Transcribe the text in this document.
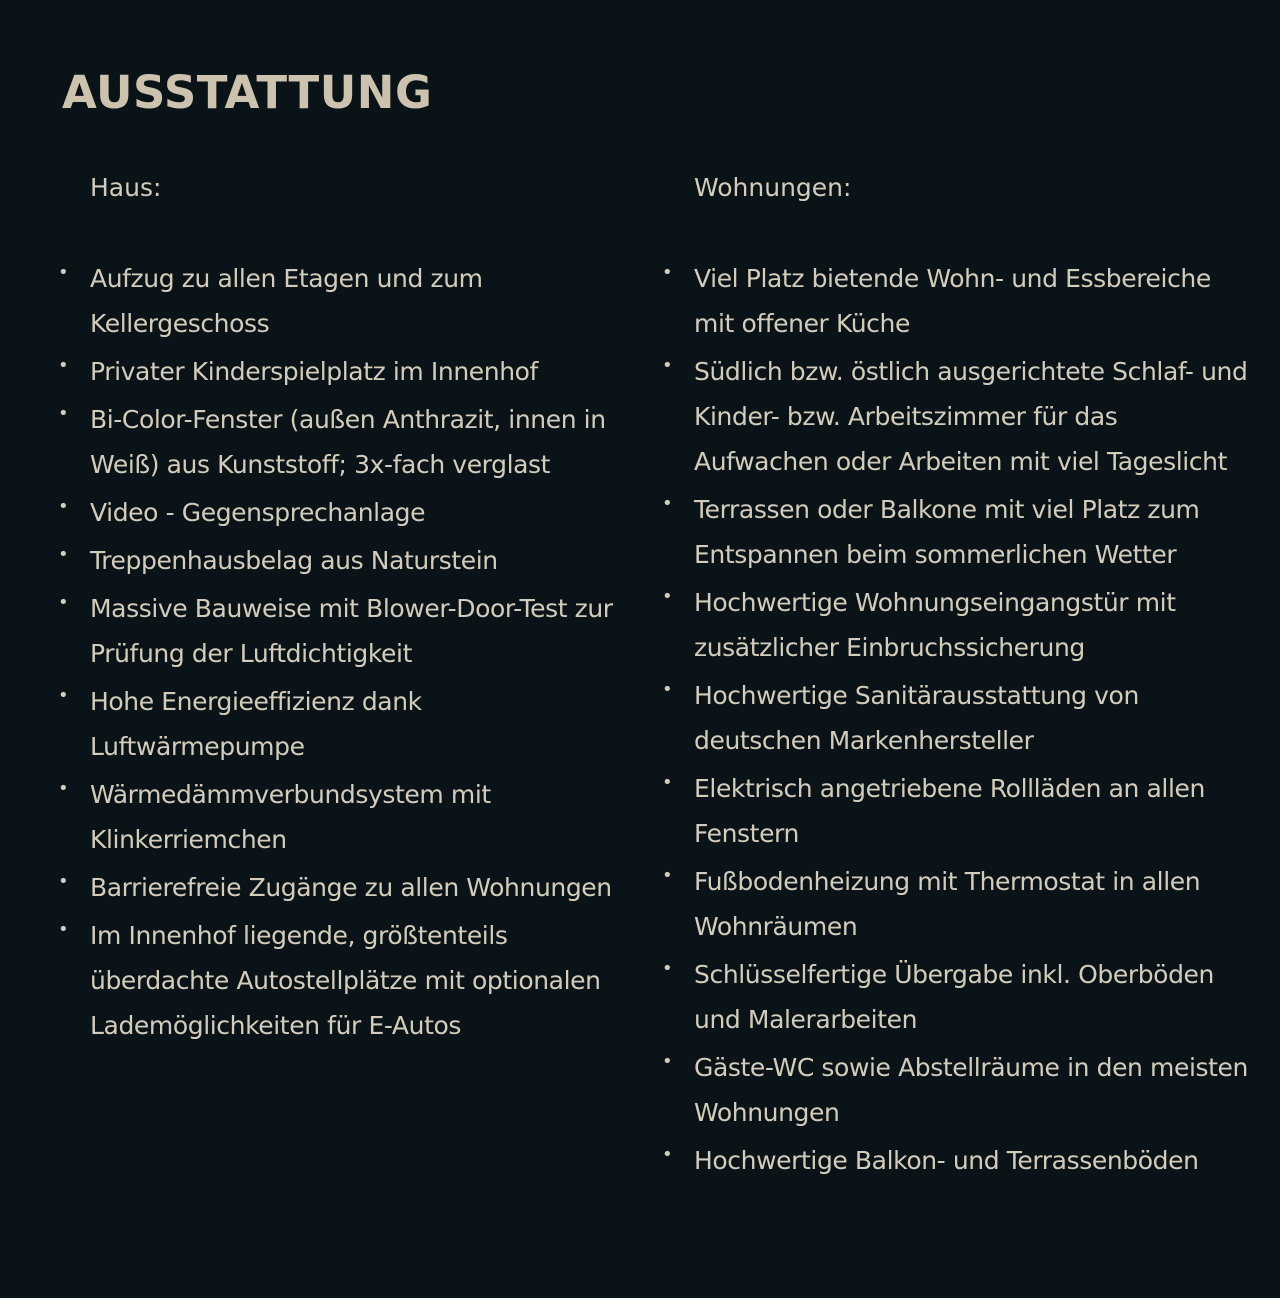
AUSSTATTUNG
Haus:
• Aufzug zu allen Etagen und zum Kellergeschoss
• Privater Kinderspielplatz im Innenhof
• Bi-Color-Fenster (außen Anthrazit, innen in Weiß) aus Kunststoff; 3x-fach verglast
• Video - Gegensprechanlage
• Treppenhausbelag aus Naturstein
• Massive Bauweise mit Blower-Door-Test zur Prüfung der Luftdichtigkeit
• Hohe Energieeffizienz dank Luftwärmepumpe
• Wärmedämmverbundsystem mit Klinkerriemchen
• Barrierefreie Zugänge zu allen Wohnungen
• Im Innenhof liegende, größtenteils überdachte Autostellplätze mit optionalen Lademöglichkeiten für E-Autos
Wohnungen:
• Viel Platz bietende Wohn- und Essbereiche mit offener Küche
• Südlich bzw. östlich ausgerichtete Schlaf- und Kinder- bzw. Arbeitszimmer für das Aufwachen oder Arbeiten mit viel Tageslicht
• Terrassen oder Balkone mit viel Platz zum Entspannen beim sommerlichen Wetter
• Hochwertige Wohnungseingangstür mit zusätzlicher Einbruchssicherung
• Hochwertige Sanitärausstattung von deutschen Markenhersteller
• Elektrisch angetriebene Rollläden an allen Fenstern
• Fußbodenheizung mit Thermostat in allen Wohnräumen
• Schlüsselfertige Übergabe inkl. Oberböden und Malerarbeiten
• Gäste-WC sowie Abstellräume in den meisten Wohnungen
• Hochwertige Balkon- und Terrassenböden
